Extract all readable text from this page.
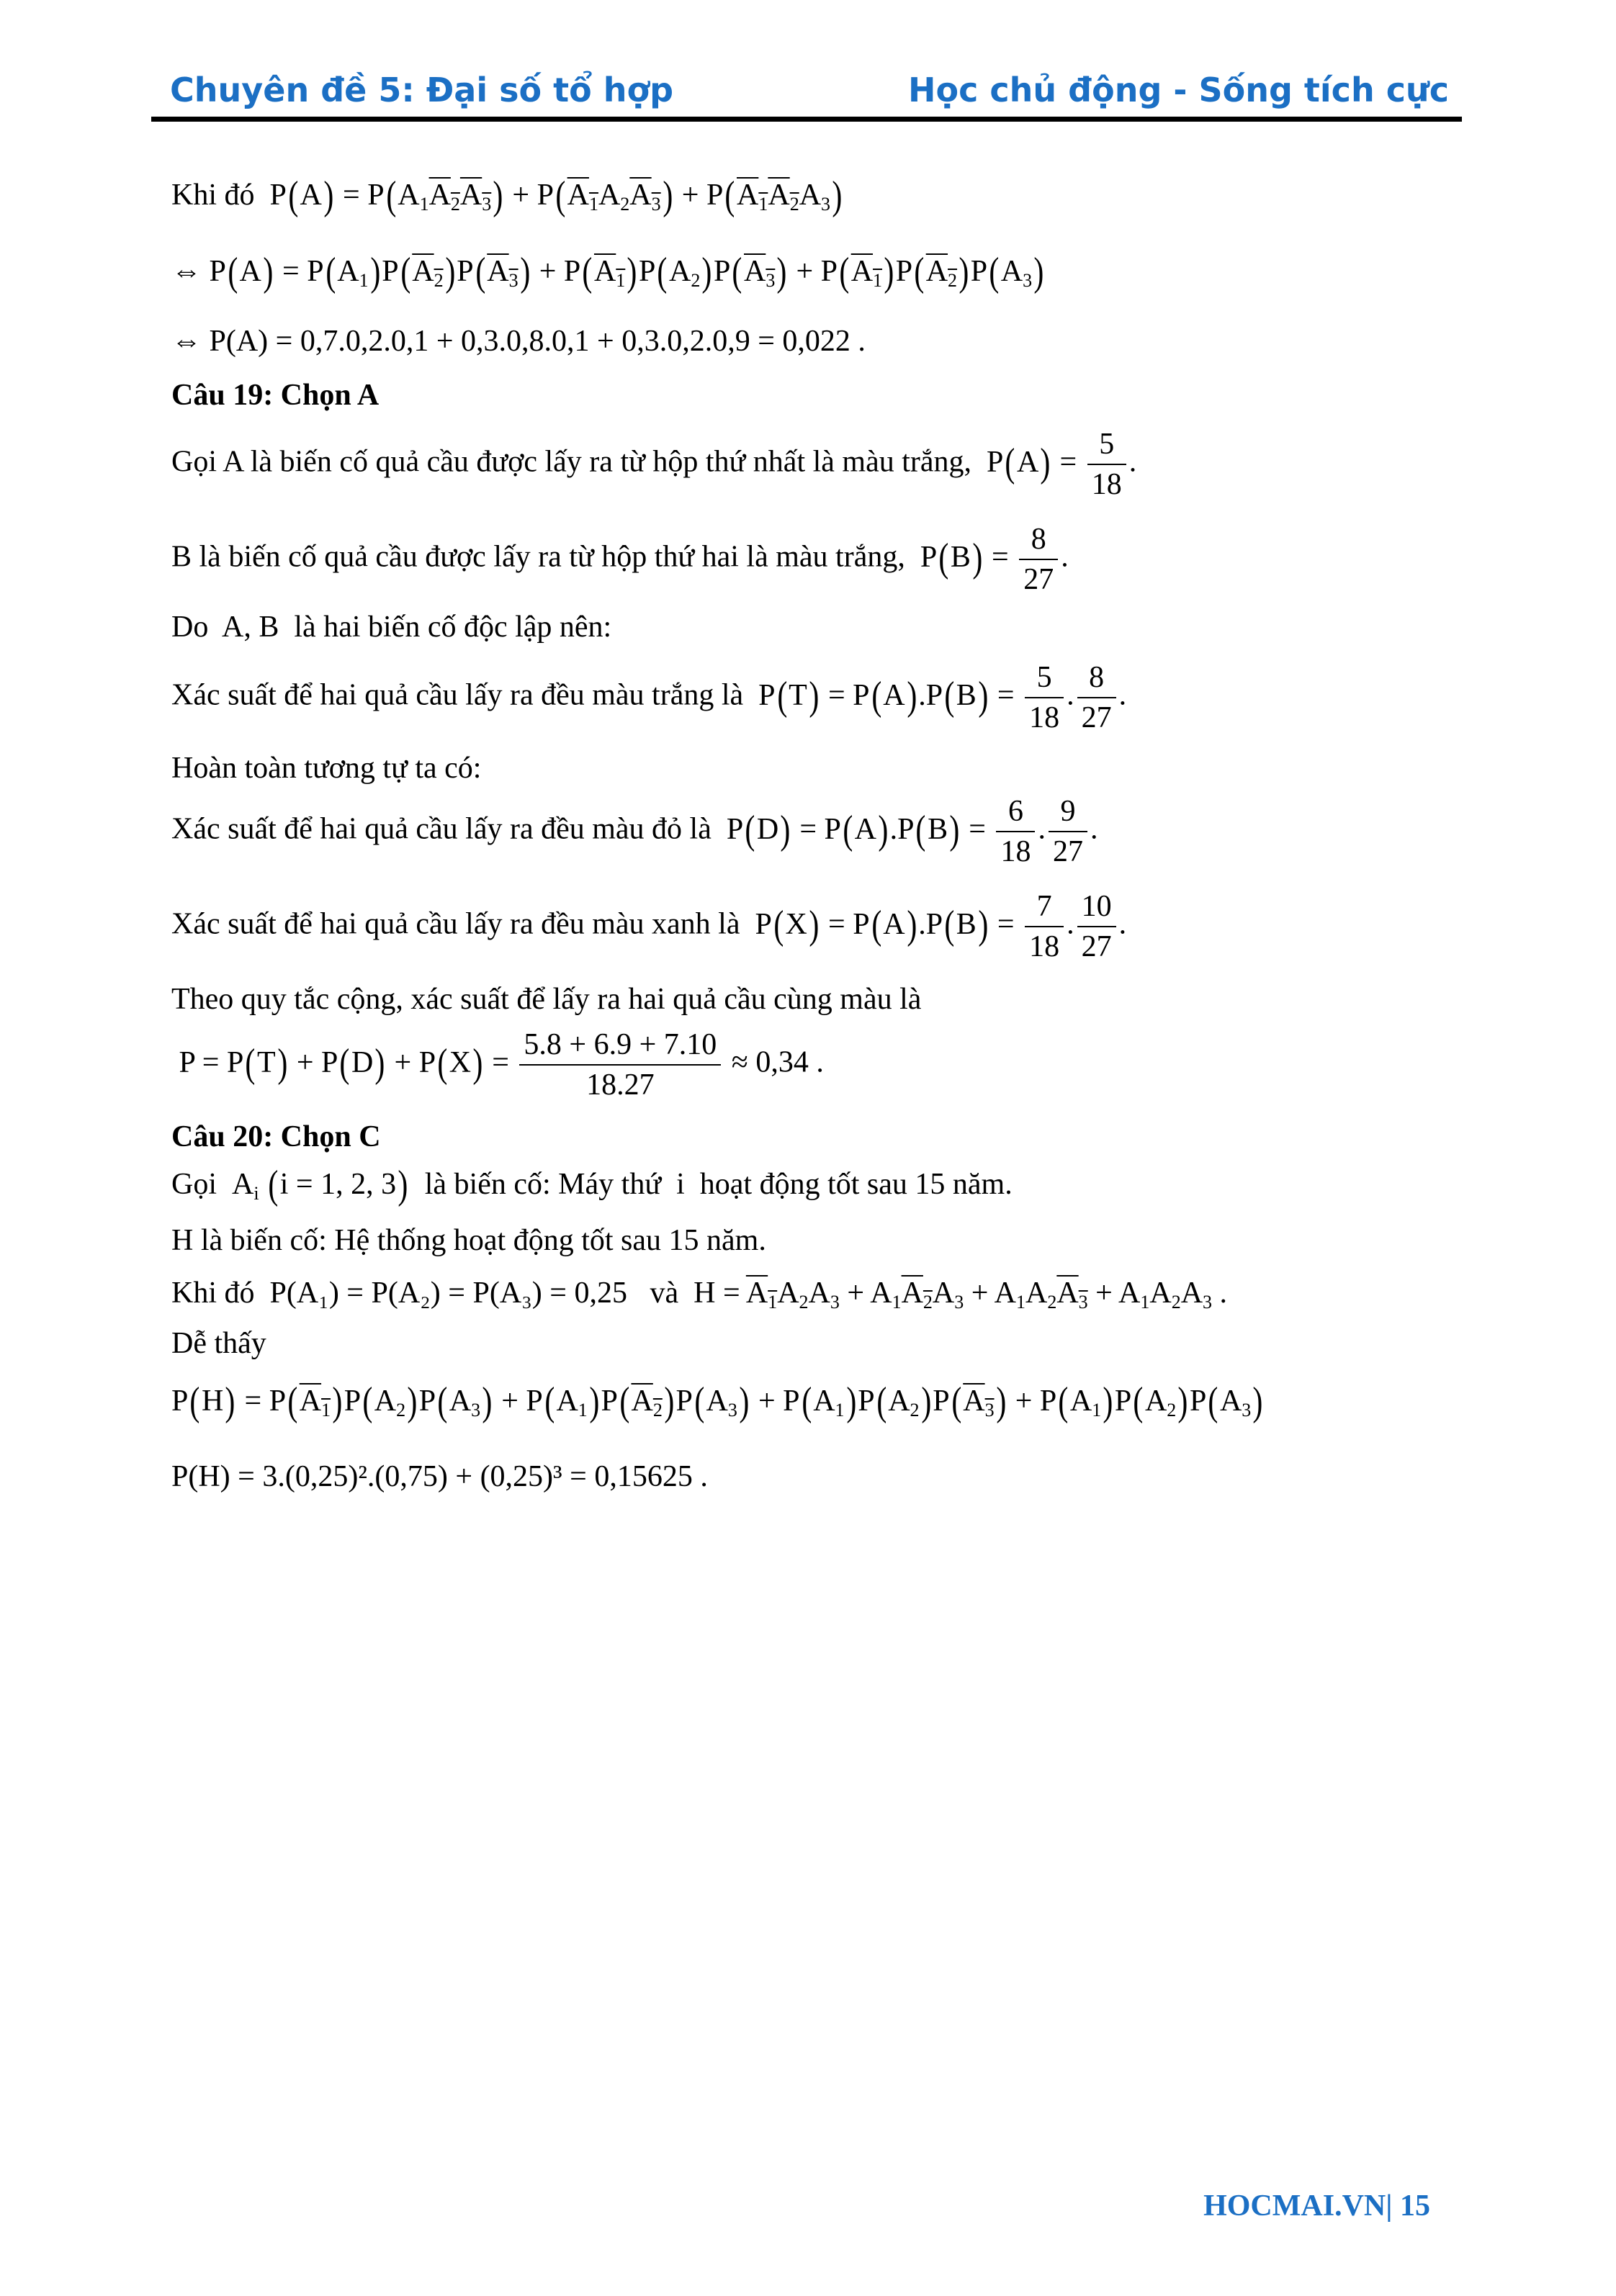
Chuyên đề 5: Đại số tổ hợp	Học chủ động - Sống tích cực
Khi đó  $P(A) = P(A_1A_2A_3) + P(A_1A_2A_3) + P(A_1A_2A_3)$
⇔ $P(A) = P(A_1)P(A_2)P(A_3) + P(A_1)P(A_2)P(A_3) + P(A_1)P(A_2)P(A_3)$
⇔ P(A) = 0,7.0,2.0,1 + 0,3.0,8.0,1 + 0,3.0,2.0,9 = 0,022 .
Câu 19: Chọn A
Gọi A là biến cố quả cầu được lấy ra từ hộp thứ nhất là màu trắng,  $P(A) = \frac{5}{18}$ .
B là biến cố quả cầu được lấy ra từ hộp thứ hai là màu trắng,  $P(B) = \frac{8}{27}$ .
Do A, B là hai biến cố độc lập nên:
Xác suất để hai quả cầu lấy ra đều màu trắng là  $P(T) = P(A).P(B) = \frac{5}{18}$ . $\frac{8}{27}$ .
Hoàn toàn tương tự ta có:
Xác suất để hai quả cầu lấy ra đều màu đỏ là  $P(D) = P(A).P(B) = \frac{6}{18}$ . $\frac{9}{27}$ .
Xác suất để hai quả cầu lấy ra đều màu xanh là  $P(X) = P(A).P(B) = \frac{7}{18}$ . $\frac{10}{27}$ .
Theo quy tắc cộng, xác suất để lấy ra hai quả cầu cùng màu là
$P = P(T) + P(D) + P(X) = \frac{5.8 + 6.9 + 7.10}{18.27} \approx 0,34$ .
Câu 20: Chọn C
Gọi  $A_i$ (i = 1, 2, 3) là biến cố: Máy thứ  i  hoạt động tốt sau 15 năm.
H là biến cố: Hệ thống hoạt động tốt sau 15 năm.
Khi đó P(A₁) = P(A₂) = P(A₃) = 0,25 và  $H = A_1A_2A_3 + A_1A_2A_3 + A_1A_2A_3 + A_1A_2A_3$ .
Dễ thấy
$P(H) = P(A_1)P(A_2)P(A_3) + P(A_1)P(A_2)P(A_3) + P(A_1)P(A_2)P(A_3) + P(A_1)P(A_2)P(A_3)$
P(H) = 3.(0,25)².(0,75) + (0,25)³ = 0,15625 .
HOCMAI.VN| 15
